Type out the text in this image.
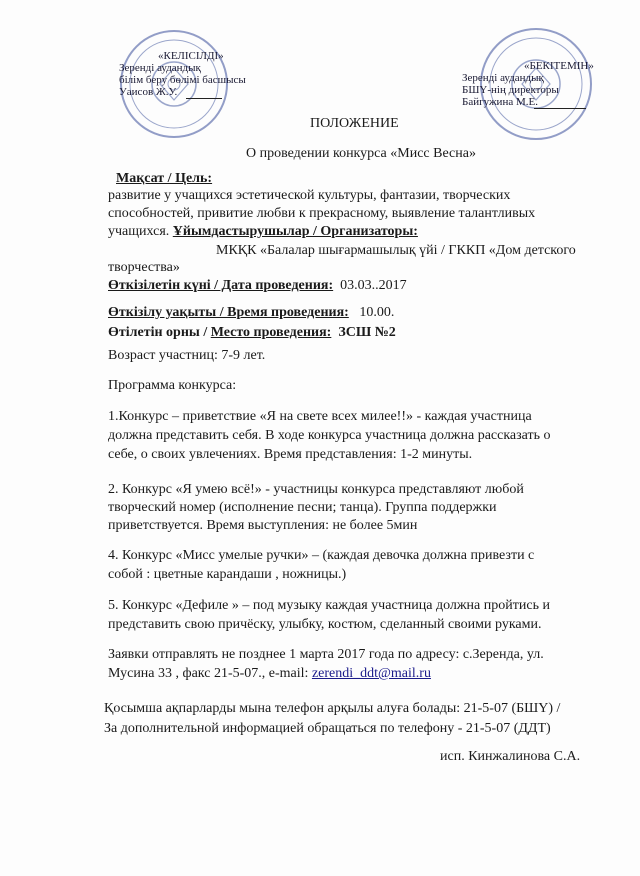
«КЕЛІСІЛДІ»
Зеренді аудандық
білім беру бөлімі басшысы
Уаисов Ж.У.
«БЕКІТЕМІН»
Зеренді аудандық
БШҮ-нің директоры
Байгужина М.Е.
ПОЛОЖЕНИЕ
О проведении конкурса «Мисс Весна»
Мақсат / Цель:
развитие у учащихся эстетической культуры, фантазии, творческих
способностей, привитие любви к прекрасному, выявление талантливых
учащихся. Ұйымдастырушылар / Организаторы:
МКҚК «Балалар шығармашылық үйі / ГККП «Дом детского
творчества»
Өткізілетін күні / Дата проведения: 03.03..2017
Өткізілу уақыты / Время проведения: 10.00.
Өтілетін орны / Место проведения: ЗСШ №2
Возраст участниц: 7-9 лет.
Программа конкурса:
1.Конкурс – приветствие «Я на свете всех милее!!» - каждая участница
должна представить себя. В ходе конкурса участница должна рассказать о
себе, о своих увлечениях. Время представления: 1-2 минуты.
2. Конкурс «Я умею всё!» - участницы конкурса представляют любой
творческий номер (исполнение песни; танца). Группа поддержки
приветствуется. Время выступления: не более 5мин
4. Конкурс «Мисс умелые ручки» – (каждая девочка должна привезти с
собой : цветные карандаши , ножницы.)
5. Конкурс «Дефиле » – под музыку каждая участница должна пройтись и
представить свою причёску, улыбку, костюм, сделанный своими руками.
Заявки отправлять не позднее 1 марта 2017 года по адресу: с.Зеренда, ул.
Мусина 33 , факс 21-5-07., e-mail: zerendi_ddt@mail.ru
Қосымша ақпарларды мына телефон арқылы алуға болады: 21-5-07 (БШҮ) /
За дополнительной информацией обращаться по телефону - 21-5-07 (ДДТ)
исп. Кинжалинова С.А.
